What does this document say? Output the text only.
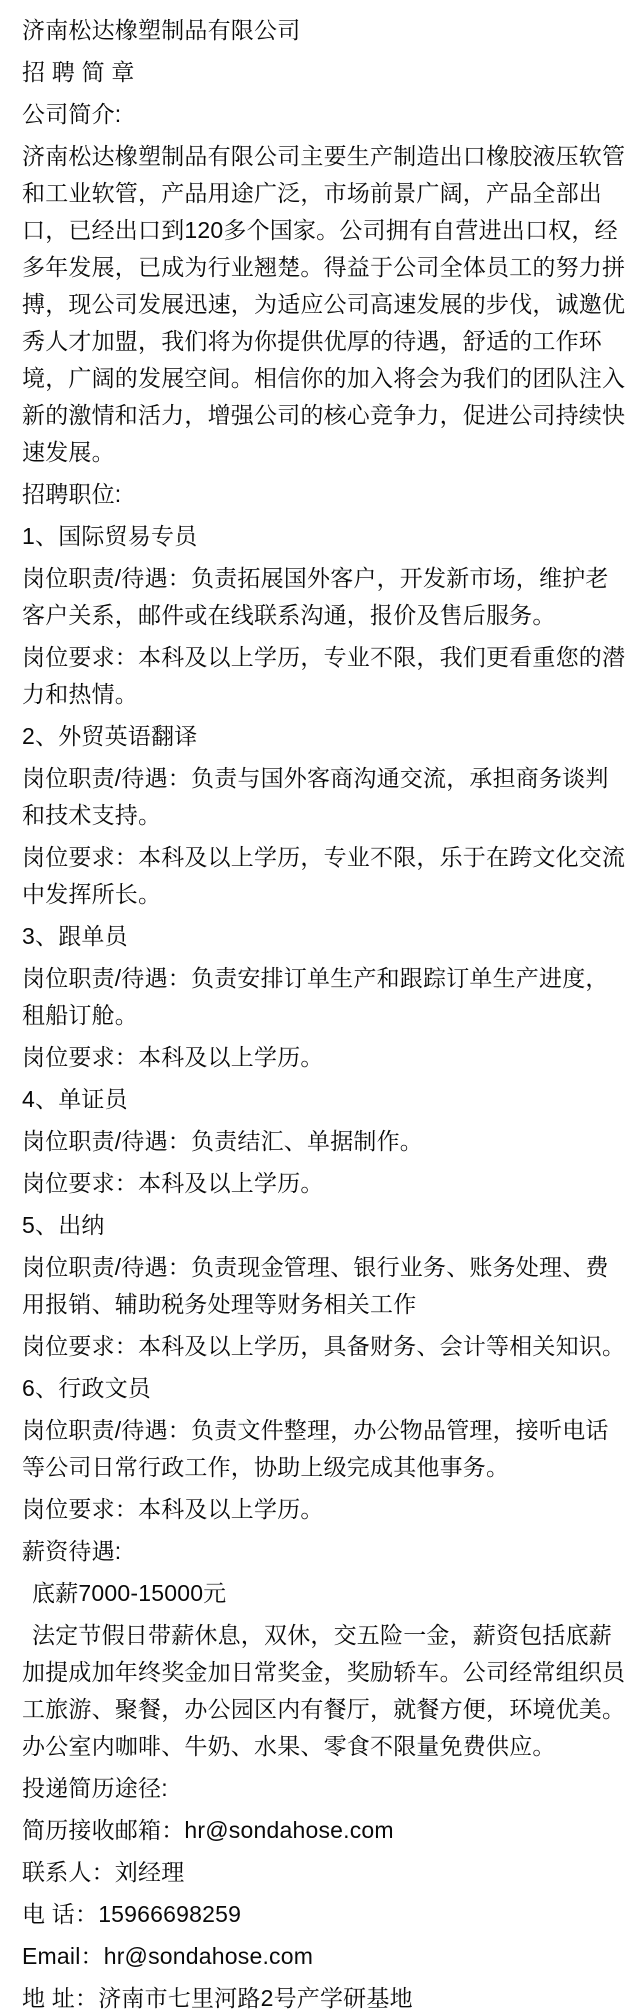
济南松达橡塑制品有限公司

招 聘 简 章

公司简介:

济南松达橡塑制品有限公司主要生产制造出口橡胶液压软管和工业软管，产品用途广泛，市场前景广阔，产品全部出口，已经出口到120多个国家。公司拥有自营进出口权，经多年发展，已成为行业翘楚。得益于公司全体员工的努力拼搏，现公司发展迅速，为适应公司高速发展的步伐，诚邀优秀人才加盟，我们将为你提供优厚的待遇，舒适的工作环境，广阔的发展空间。相信你的加入将会为我们的团队注入新的激情和活力，增强公司的核心竞争力，促进公司持续快速发展。

招聘职位:

1、国际贸易专员

岗位职责/待遇：负责拓展国外客户，开发新市场，维护老客户关系，邮件或在线联系沟通，报价及售后服务。

岗位要求：本科及以上学历，专业不限，我们更看重您的潜力和热情。

2、外贸英语翻译

岗位职责/待遇：负责与国外客商沟通交流，承担商务谈判和技术支持。

岗位要求：本科及以上学历，专业不限，乐于在跨文化交流中发挥所长。

3、跟单员

岗位职责/待遇：负责安排订单生产和跟踪订单生产进度，租船订舱。

岗位要求：本科及以上学历。

4、单证员

岗位职责/待遇：负责结汇、单据制作。

岗位要求：本科及以上学历。

5、出纳

岗位职责/待遇：负责现金管理、银行业务、账务处理、费用报销、辅助税务处理等财务相关工作

岗位要求：本科及以上学历，具备财务、会计等相关知识。

6、行政文员

岗位职责/待遇：负责文件整理，办公物品管理，接听电话等公司日常行政工作，协助上级完成其他事务。

岗位要求：本科及以上学历。

薪资待遇:

底薪7000-15000元

法定节假日带薪休息，双休，交五险一金，薪资包括底薪加提成加年终奖金加日常奖金，奖励轿车。公司经常组织员工旅游、聚餐，办公园区内有餐厅，就餐方便，环境优美。办公室内咖啡、牛奶、水果、零食不限量免费供应。

投递简历途径:

简历接收邮箱：hr@sondahose.com

联系人：刘经理

电 话：15966698259

Email：hr@sondahose.com

地 址：济南市七里河路2号产学研基地
